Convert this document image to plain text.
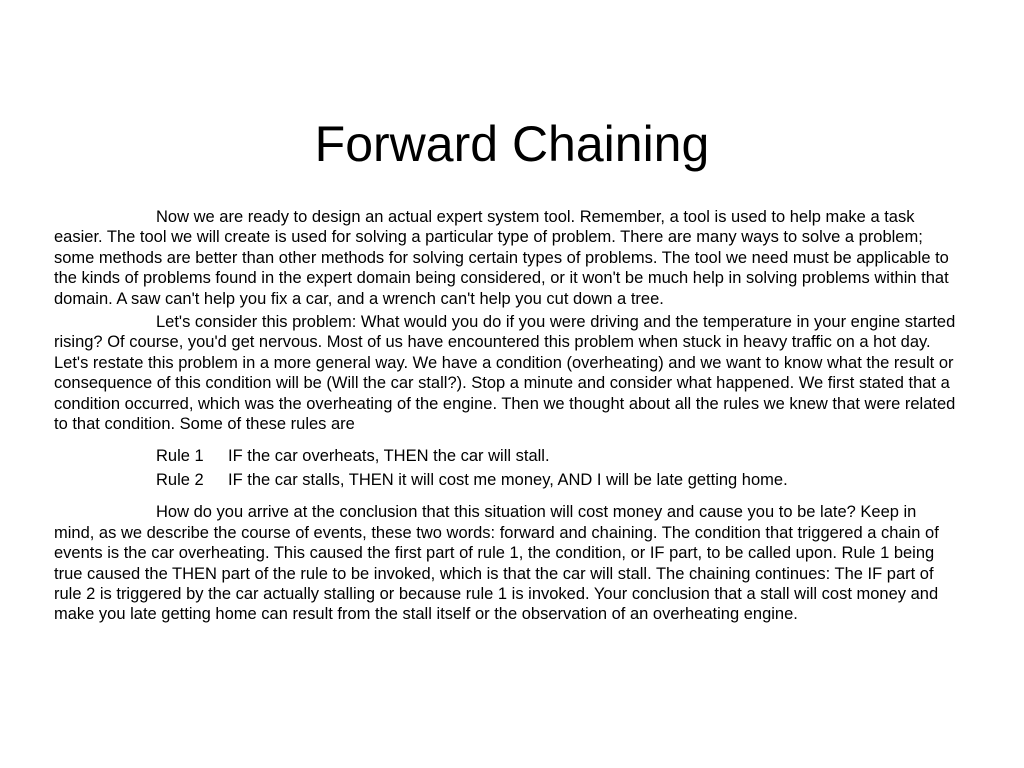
Forward Chaining

Now we are ready to design an actual expert system tool. Remember, a tool is used to help make a task easier. The tool we will create is used for solving a particular type of problem. There are many ways to solve a problem; some methods are better than other methods for solving certain types of problems. The tool we need must be applicable to the kinds of problems found in the expert domain being considered, or it won't be much help in solving problems within that domain. A saw can't help you fix a car, and a wrench can't help you cut down a tree.

Let's consider this problem: What would you do if you were driving and the temperature in your engine started rising? Of course, you'd get nervous. Most of us have encountered this problem when stuck in heavy traffic on a hot day. Let's restate this problem in a more general way. We have a condition (overheating) and we want to know what the result or consequence of this condition will be (Will the car stall?). Stop a minute and consider what happened. We first stated that a condition occurred, which was the overheating of the engine. Then we thought about all the rules we knew that were related to that condition. Some of these rules are

Rule 1 IF the car overheats, THEN the car will stall.
Rule 2 IF the car stalls, THEN it will cost me money, AND I will be late getting home.

How do you arrive at the conclusion that this situation will cost money and cause you to be late? Keep in mind, as we describe the course of events, these two words: forward and chaining. The condition that triggered a chain of events is the car overheating. This caused the first part of rule 1, the condition, or IF part, to be called upon. Rule 1 being true caused the THEN part of the rule to be invoked, which is that the car will stall. The chaining continues: The IF part of rule 2 is triggered by the car actually stalling or because rule 1 is invoked. Your conclusion that a stall will cost money and make you late getting home can result from the stall itself or the observation of an overheating engine.
